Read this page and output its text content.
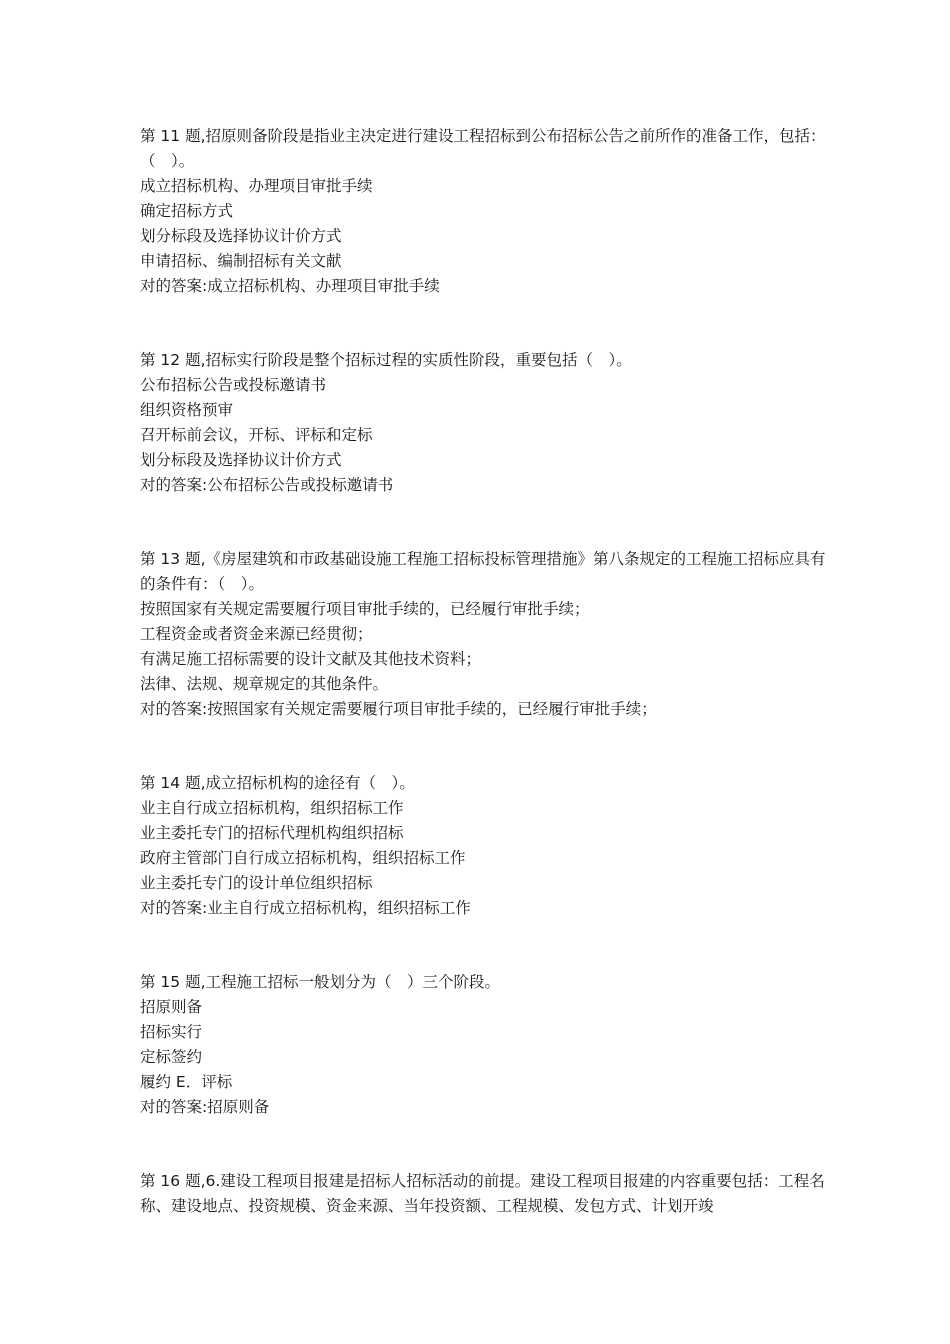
第 11 题,招原则备阶段是指业主决定进行建设工程招标到公布招标公告之前所作的准备工作，包括：（　）。
成立招标机构、办理项目审批手续
确定招标方式
划分标段及选择协议计价方式
申请招标、编制招标有关文献
对的答案:成立招标机构、办理项目审批手续
第 12 题,招标实行阶段是整个招标过程的实质性阶段，重要包括（　）。
公布招标公告或投标邀请书
组织资格预审
召开标前会议，开标、评标和定标
划分标段及选择协议计价方式
对的答案:公布招标公告或投标邀请书
第 13 题,《房屋建筑和市政基础设施工程施工招标投标管理措施》第八条规定的工程施工招标应具有的条件有：（　）。
按照国家有关规定需要履行项目审批手续的，已经履行审批手续；
工程资金或者资金来源已经贯彻；
有满足施工招标需要的设计文献及其他技术资料；
法律、法规、规章规定的其他条件。
对的答案:按照国家有关规定需要履行项目审批手续的，已经履行审批手续；
第 14 题,成立招标机构的途径有（　）。
业主自行成立招标机构，组织招标工作
业主委托专门的招标代理机构组织招标
政府主管部门自行成立招标机构，组织招标工作
业主委托专门的设计单位组织招标
对的答案:业主自行成立招标机构，组织招标工作
第 15 题,工程施工招标一般划分为（　）三个阶段。
招原则备
招标实行
定标签约
履约 E．评标
对的答案:招原则备
第 16 题,6.建设工程项目报建是招标人招标活动的前提。建设工程项目报建的内容重要包括：工程名称、建设地点、投资规模、资金来源、当年投资额、工程规模、发包方式、计划开竣
